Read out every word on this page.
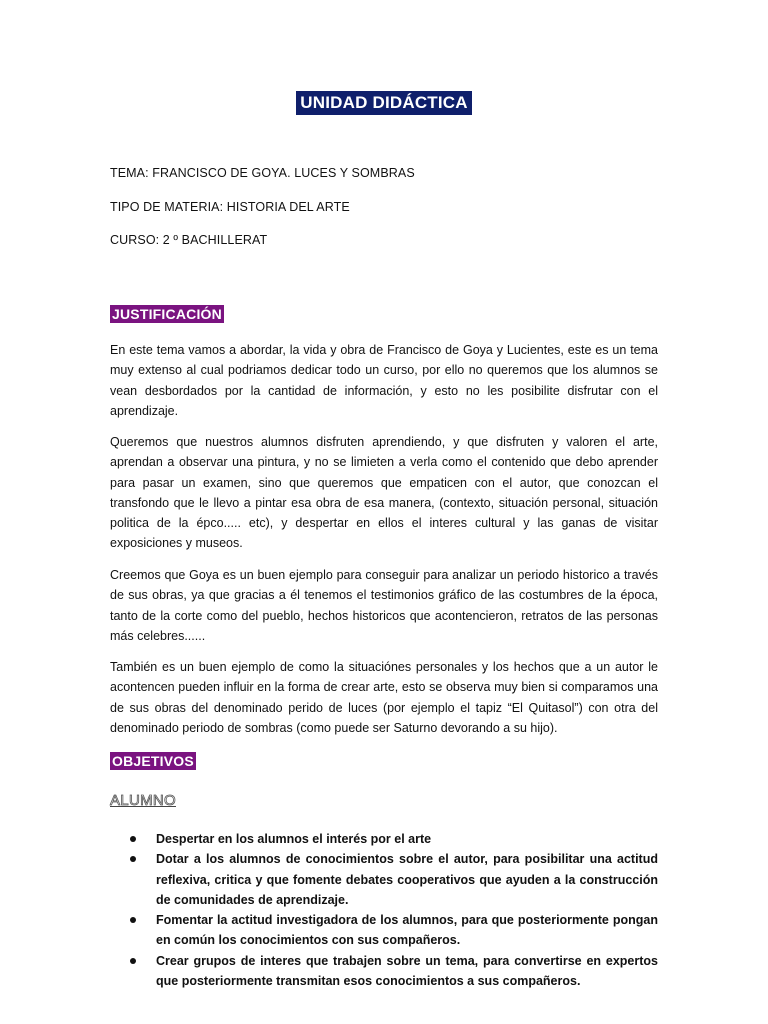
UNIDAD DIDÁCTICA
TEMA: FRANCISCO DE GOYA. LUCES Y SOMBRAS
TIPO DE MATERIA: HISTORIA DEL ARTE
CURSO: 2 º BACHILLERAT
JUSTIFICACIÓN

En este tema vamos a abordar, la vida y obra de Francisco de Goya y Lucientes, este es un tema muy extenso al cual podriamos dedicar todo un curso, por ello no queremos que los alumnos se vean desbordados por la cantidad de información, y esto no les posibilite disfrutar con el aprendizaje.

Queremos que nuestros alumnos disfruten aprendiendo, y que disfruten y valoren el arte, aprendan a observar una pintura, y no se limieten a verla como el contenido que debo aprender para pasar un examen, sino que queremos que empaticen con el autor, que conozcan el transfondo que le llevo a pintar esa obra de esa manera, (contexto, situación personal, situación politica de la épco..... etc), y despertar en ellos el interes cultural y las ganas de visitar exposiciones y museos.

Creemos que Goya es un buen ejemplo para conseguir para analizar un periodo historico a través de sus obras, ya que gracias a él tenemos el testimonios gráfico de las costumbres de la época, tanto de la corte como del pueblo, hechos historicos que acontencieron, retratos de las personas más celebres......

También es un buen ejemplo de como la situaciónes personales y los hechos que a un autor le acontencen pueden influir en la forma de crear arte, esto se observa muy bien si comparamos una de sus obras del denominado perido de luces (por ejemplo el tapiz “El Quitasol”) con otra del denominado periodo de sombras (como puede ser Saturno devorando a su hijo).

OBJETIVOS
ALUMNO
Despertar en los alumnos el interés por el arte
Dotar a los alumnos de conocimientos sobre el autor, para posibilitar una actitud reflexiva, critica y que fomente debates cooperativos que ayuden a la construcción de comunidades de aprendizaje.
Fomentar la actitud investigadora de los alumnos, para que posteriormente pongan en común los conocimientos con sus compañeros.
Crear grupos de interes que trabajen sobre un tema, para convertirse en expertos que posteriormente transmitan esos conocimientos a sus compañeros.
